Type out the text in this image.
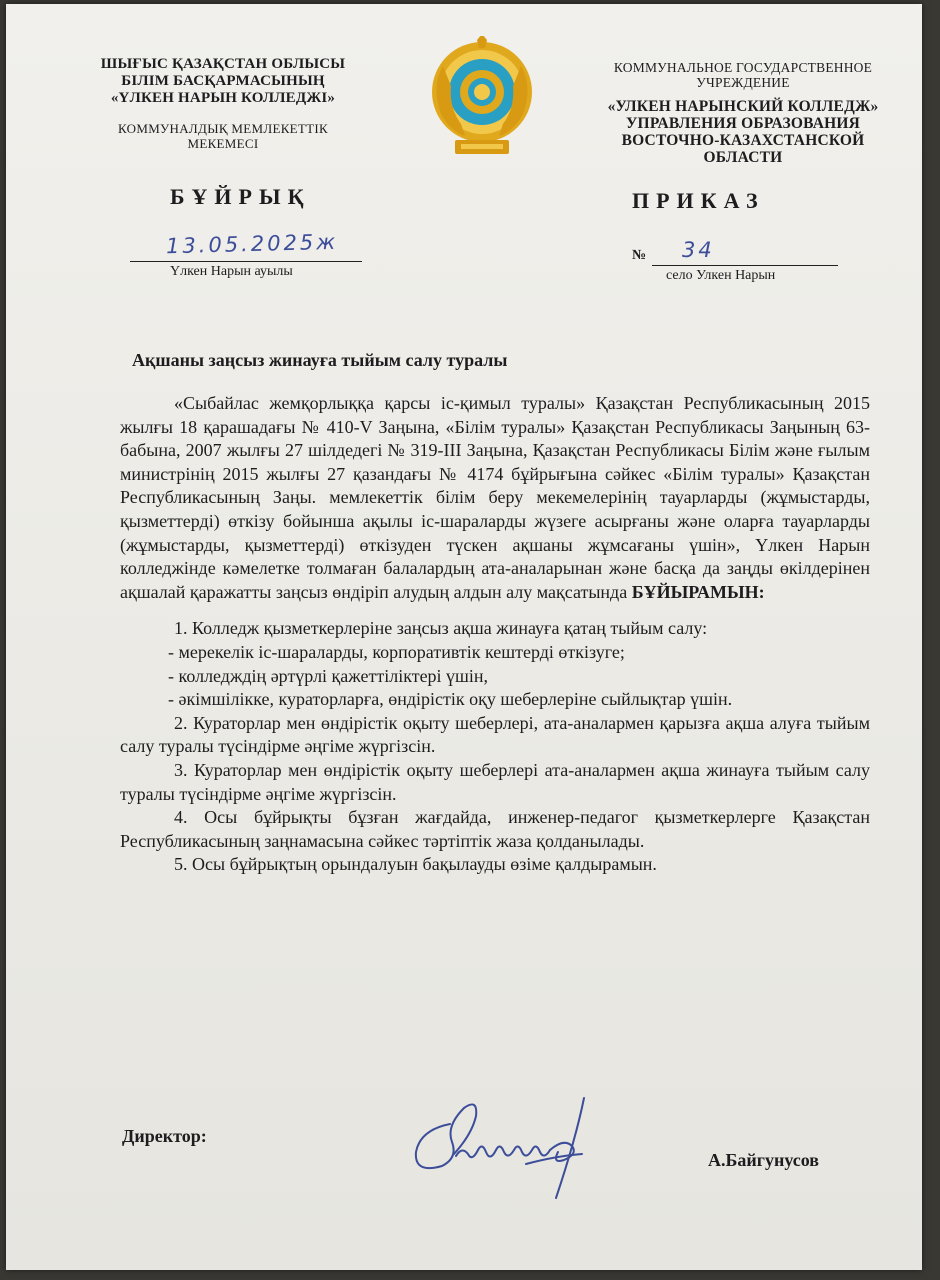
ШЫҒЫС ҚАЗАҚСТАН ОБЛЫСЫ
БІЛІМ БАСҚАРМАСЫНЫҢ
«ҮЛКЕН НАРЫН КОЛЛЕДЖІ»
КОММУНАЛДЫҚ МЕМЛЕКЕТТІК
МЕКЕМЕСІ
КОММУНАЛЬНОЕ ГОСУДАРСТВЕННОЕ
УЧРЕЖДЕНИЕ
«УЛКЕН НАРЫНСКИЙ КОЛЛЕДЖ»
УПРАВЛЕНИЯ ОБРАЗОВАНИЯ
ВОСТОЧНО-КАЗАХСТАНСКОЙ
ОБЛАСТИ
БҰЙРЫҚ	ПРИКАЗ
13.05.2025ж
Үлкен Нарын ауылы
№ 34
село Улкен Нарын
Ақшаны заңсыз жинауға тыйым салу туралы

«Сыбайлас жемқорлыққа қарсы іс-қимыл туралы» Қазақстан Республикасының 2015 жылғы 18 қарашадағы № 410-V Заңына, «Білім туралы» Қазақстан Республикасы Заңының 63-бабына, 2007 жылғы 27 шілдедегі № 319-III Заңына, Қазақстан Республикасы Білім және ғылым министрінің 2015 жылғы 27 қазандағы № 4174 бұйрығына сәйкес «Білім туралы» Қазақстан Республикасының Заңы. мемлекеттік білім беру мекемелерінің тауарларды (жұмыстарды, қызметтерді) өткізу бойынша ақылы іс-шараларды жүзеге асырғаны және оларға тауарларды (жұмыстарды, қызметтерді) өткізуден түскен ақшаны жұмсағаны үшін», Үлкен Нарын колледжінде кәмелетке толмаған балалардың ата-аналарынан және басқа да заңды өкілдерінен ақшалай қаражатты заңсыз өндіріп алудың алдын алу мақсатында БҰЙЫРАМЫН:

1. Колледж қызметкерлеріне заңсыз ақша жинауға қатаң тыйым салу:

- мерекелік іс-шараларды, корпоративтік кештерді өткізуге;

- колледждің әртүрлі қажеттіліктері үшін,

- әкімшілікке, кураторларға, өндірістік оқу шеберлеріне сыйлықтар үшін.

2. Кураторлар мен өндірістік оқыту шеберлері, ата-аналармен қарызға ақша алуға тыйым салу туралы түсіндірме әңгіме жүргізсін.

3. Кураторлар мен өндірістік оқыту шеберлері ата-аналармен ақша жинауға тыйым салу туралы түсіндірме әңгіме жүргізсін.

4. Осы бұйрықты бұзған жағдайда, инженер-педагог қызметкерлерге Қазақстан Республикасының заңнамасына сәйкес тәртіптік жаза қолданылады.

5. Осы бұйрықтың орындалуын бақылауды өзіме қалдырамын.

Директор:
А.Байгунусов
